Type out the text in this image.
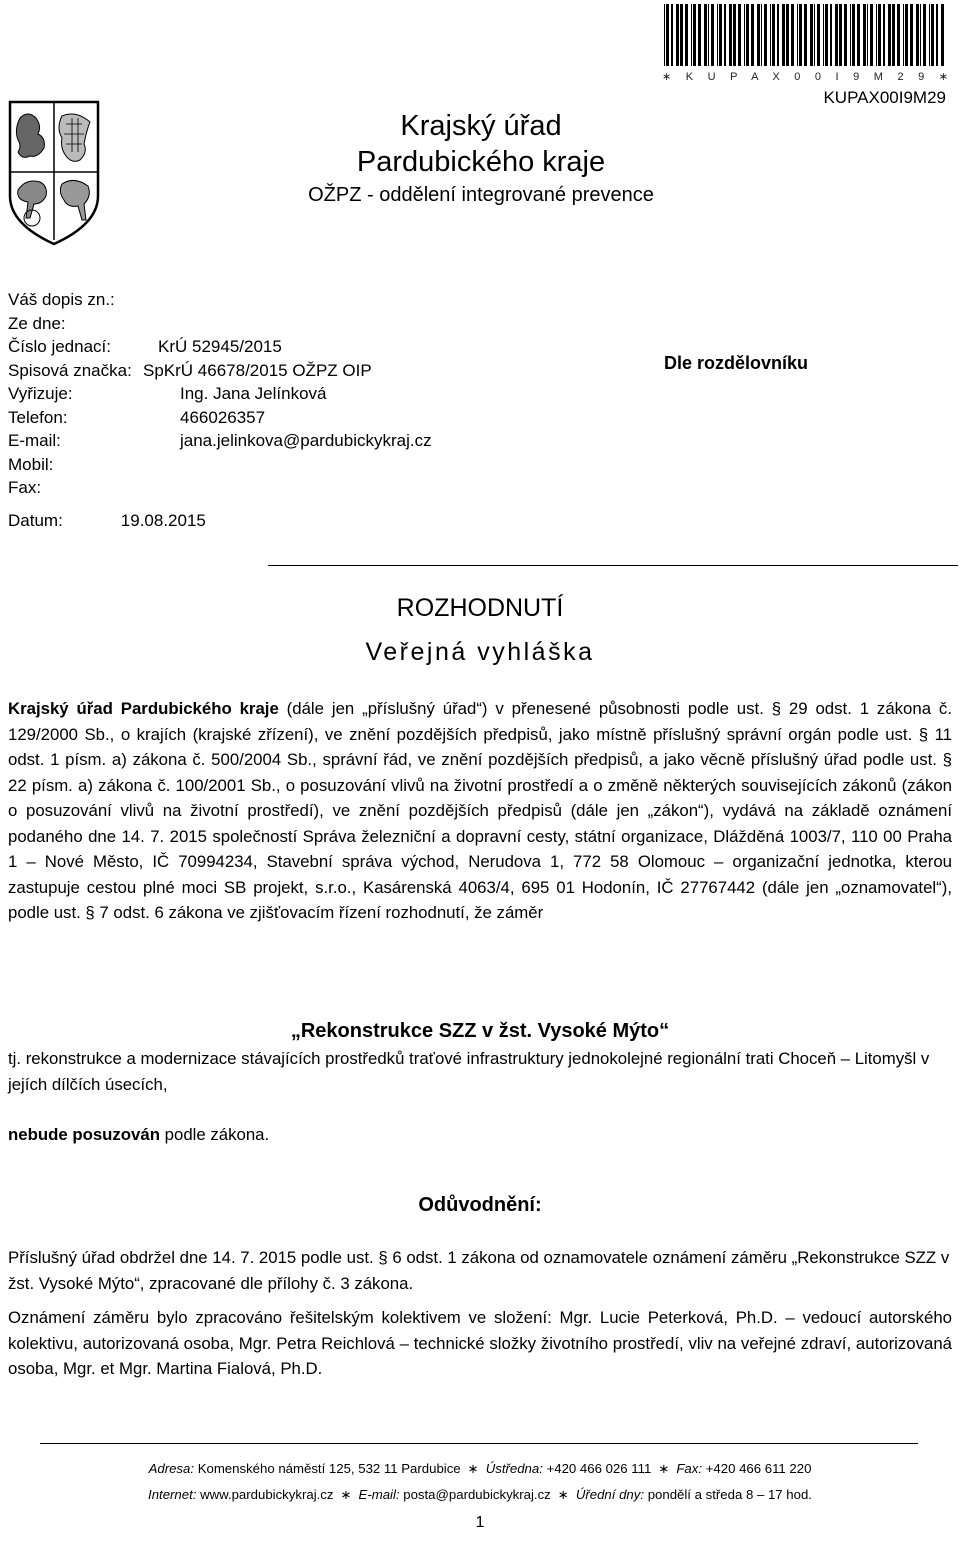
∗ K U P A X 0 0 I 9 M 2 9 ∗
KUPAX00I9M29
Krajský úřad
Pardubického kraje
OŽPZ - oddělení integrované prevence
Váš dopis zn.:
Ze dne:
Číslo jednací:	KrÚ 52945/2015
Spisová značka: SpKrÚ 46678/2015 OŽPZ OIP
Vyřizuje:	Ing. Jana Jelínková
Telefon:	466026357
E-mail:	jana.jelinkova@pardubickykraj.cz
Mobil:
Fax:
Dle rozdělovníku
Datum:	19.08.2015
ROZHODNUTÍ
Veřejná vyhláška
Krajský úřad Pardubického kraje (dále jen „příslušný úřad“) v přenesené působnosti podle ust. § 29 odst. 1 zákona č. 129/2000 Sb., o krajích (krajské zřízení), ve znění pozdějších předpisů, jako místně příslušný správní orgán podle ust. § 11 odst. 1 písm. a) zákona č. 500/2004 Sb., správní řád, ve znění pozdějších předpisů, a jako věcně příslušný úřad podle ust. § 22 písm. a) zákona č. 100/2001 Sb., o posuzování vlivů na životní prostředí a o změně některých souvisejících zákonů (zákon o posuzování vlivů na životní prostředí), ve znění pozdějších předpisů (dále jen „zákon“), vydává na základě oznámení podaného dne 14. 7. 2015 společností Správa železniční a dopravní cesty, státní organizace, Dlážděná 1003/7, 110 00 Praha 1 – Nové Město, IČ 70994234, Stavební správa východ, Nerudova 1, 772 58 Olomouc – organizační jednotka, kterou zastupuje cestou plné moci SB projekt, s.r.o., Kasárenská 4063/4, 695 01 Hodonín, IČ 27767442 (dále jen „oznamovatel“), podle ust. § 7 odst. 6 zákona ve zjišťovacím řízení rozhodnutí, že záměr
„Rekonstrukce SZZ v žst. Vysoké Mýto“
tj. rekonstrukce a modernizace stávajících prostředků traťové infrastruktury jednokolejné regionální trati Choceň – Litomyšl v jejích dílčích úsecích,
nebude posuzován podle zákona.
Odůvodnění:
Příslušný úřad obdržel dne 14. 7. 2015 podle ust. § 6 odst. 1 zákona od oznamovatele oznámení záměru „Rekonstrukce SZZ v žst. Vysoké Mýto“, zpracované dle přílohy č. 3 zákona.
Oznámení záměru bylo zpracováno řešitelským kolektivem ve složení: Mgr. Lucie Peterková, Ph.D. – vedoucí autorského kolektivu, autorizovaná osoba, Mgr. Petra Reichlová – technické složky životního prostředí, vliv na veřejné zdraví, autorizovaná osoba, Mgr. et Mgr. Martina Fialová, Ph.D.
Adresa: Komenského náměstí 125, 532 11 Pardubice ∗ Ústředna: +420 466 026 111 ∗ Fax: +420 466 611 220
Internet: www.pardubickykraj.cz ∗ E-mail: posta@pardubickykraj.cz ∗ Úřední dny: pondělí a středa 8 – 17 hod.
1
